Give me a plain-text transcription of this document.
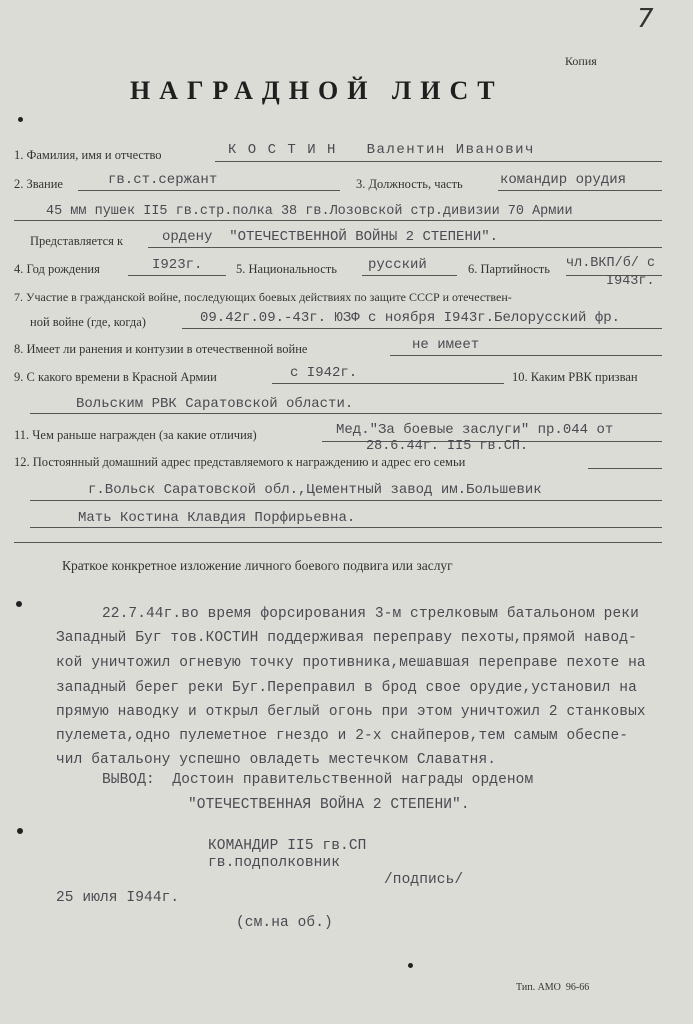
7
Копия
НАГРАДНОЙ ЛИСТ
1. Фамилия, имя и отчество	К О С Т И Н   Валентин Иванович
2. Звание	гв.ст.сержант	3. Должность, часть	командир орудия
45 мм пушек II5 гв.стр.полка 38 гв.Лозовской стр.дивизии 70 Армии
Представляется к	ордену  "ОТЕЧЕСТВЕННОЙ ВОЙНЫ 2 СТЕПЕНИ".
4. Год рождения	I923г.	5. Национальность русский	6. Партийность чл.ВКП/б/ с
I943г.
7. Участие в гражданской войне, последующих боевых действиях по защите СССР и отечествен-
ной войне (где, когда)	09.42г.09.-43г. ЮЗФ с ноября I943г.Белорусский фр.
8. Имеет ли ранения и контузии в отечественной войне	не имеет
9. С какого времени в Красной Армии	с I942г.	10. Каким РВК призван
Вольским РВК Саратовской области.
11. Чем раньше награжден (за какие отличия)	Мед."За боевые заслуги" пр.044 от
28.6.44г. II5 гв.СП.
12. Постоянный домашний адрес представляемого к награждению и адрес его семьи
г.Вольск Саратовской обл.,Цементный завод им.Большевик
Мать Костина Клавдия Порфирьевна.
Краткое конкретное изложение личного боевого подвига или заслуг
22.7.44г.во время форсирования 3-м стрелковым батальоном реки
Западный Буг тов.КОСТИН поддерживая переправу пехоты,прямой навод-
кой уничтожил огневую точку противника,мешавшая переправе пехоте на
западный берег реки Буг.Переправил в брод свое орудие,установил на
прямую наводку и открыл беглый огонь при этом уничтожил 2 станковых
пулемета,одно пулеметное гнездо и 2-х снайперов,тем самым обеспе-
чил батальону успешно овладеть местечком Славатня.
ВЫВОД:  Достоин правительственной награды орденом
"ОТЕЧЕСТВЕННАЯ ВОЙНА 2 СТЕПЕНИ".
КОМАНДИР II5 гв.СП
гв.подполковник
/подпись/
25 июля I944г.
(см.на об.)
Тип. АМО  96-66
